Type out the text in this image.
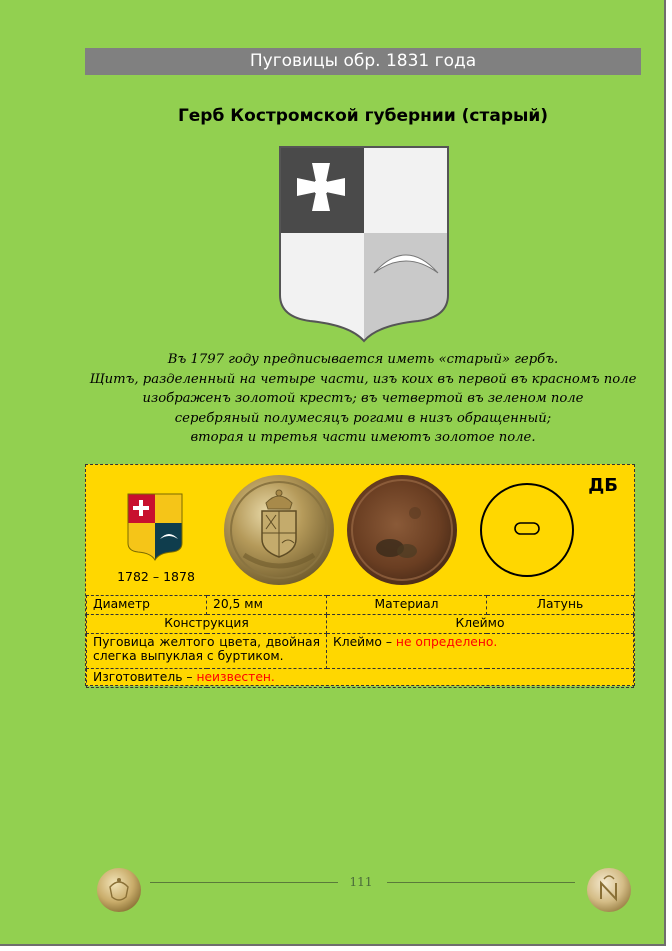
Пуговицы обр. 1831 года
Герб Костромской губернии (старый)
Въ 1797 году предписывается иметь «старый» гербъ.
Щитъ, разделенный на четыре части, изъ коих въ первой въ красномъ поле
изображенъ золотой крестъ; въ четвертой въ зеленом поле
серебряный полумесяцъ рогами в низъ обращенный;
вторая и третья части имеютъ золотое поле.
1782 – 1878
ДБ
Диаметр	20,5 мм	Материал	Латунь
Конструкция		Клеймо	
Пуговица желтого цвета, двойная слегка выпуклая с буртиком.		Клеймо – не определено.	
Изготовитель – неизвестен.			
111
